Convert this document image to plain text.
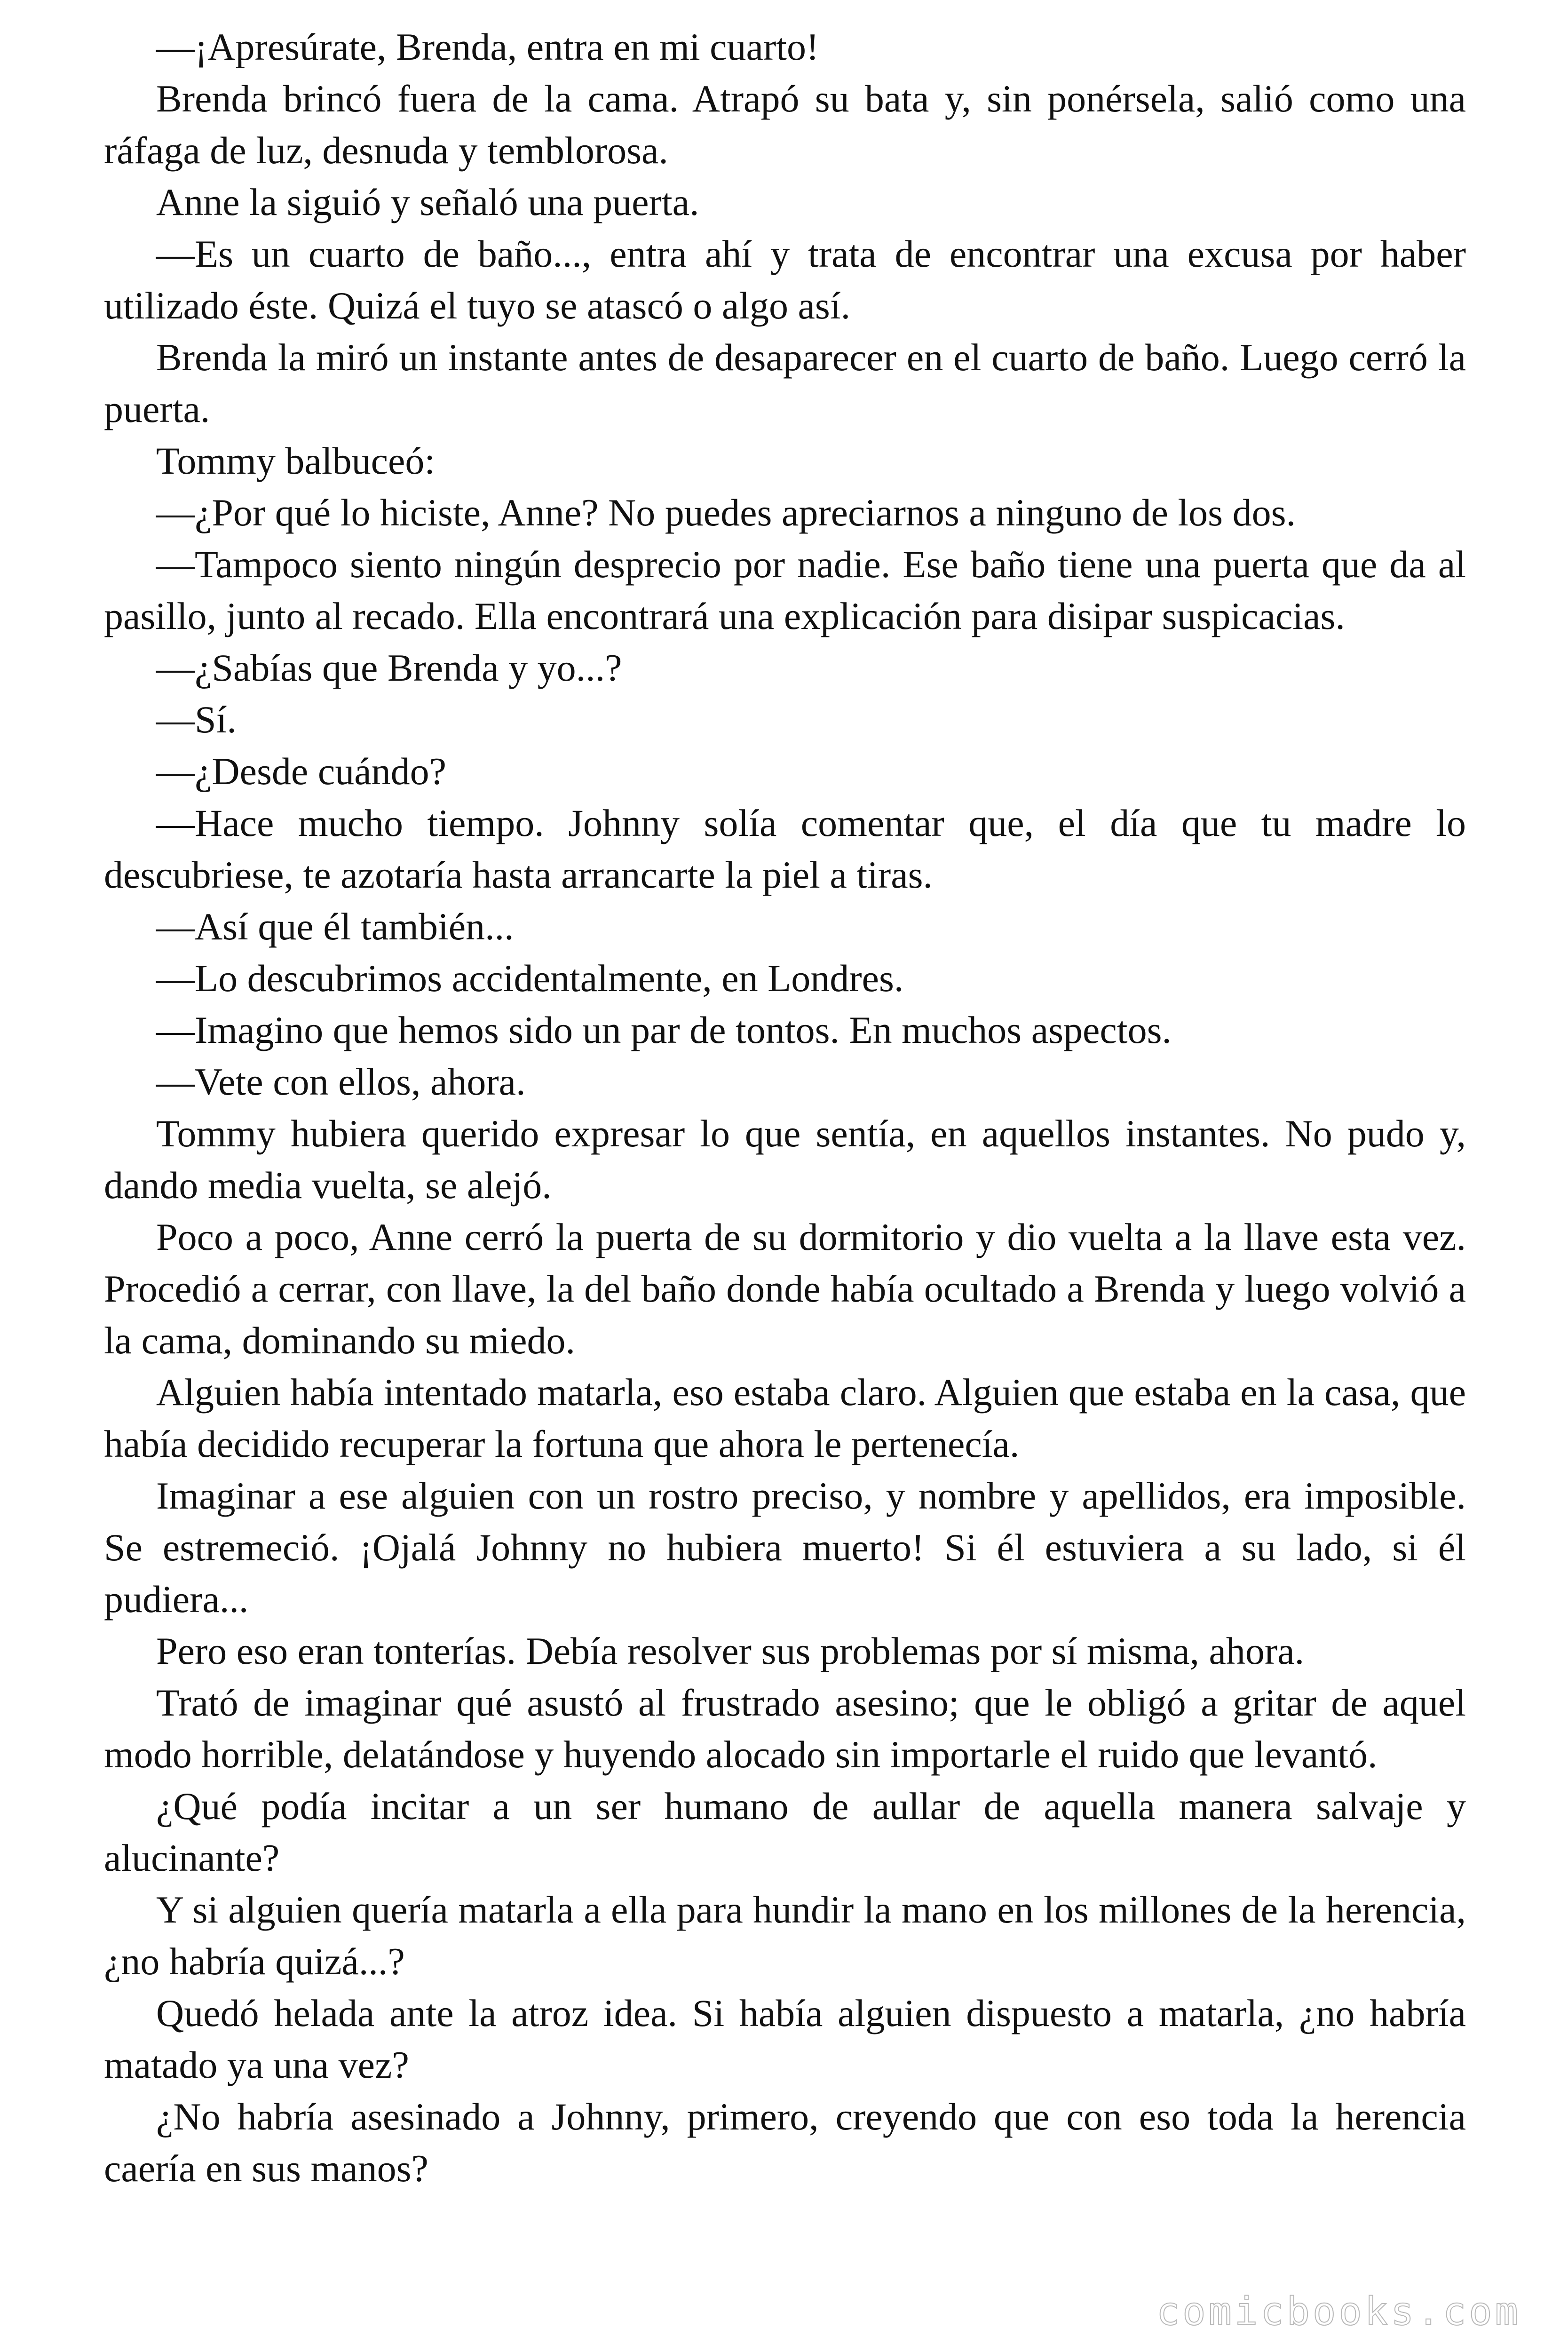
—¡Apresúrate, Brenda, entra en mi cuarto!

Brenda brincó fuera de la cama. Atrapó su bata y, sin ponérsela, salió como una ráfaga de luz, desnuda y temblorosa.

Anne la siguió y señaló una puerta.

—Es un cuarto de baño..., entra ahí y trata de encontrar una excusa por haber utilizado éste. Quizá el tuyo se atascó o algo así.

Brenda la miró un instante antes de desaparecer en el cuarto de baño. Luego cerró la puerta.

Tommy balbuceó:

—¿Por qué lo hiciste, Anne? No puedes apreciarnos a ninguno de los dos.

—Tampoco siento ningún desprecio por nadie. Ese baño tiene una puerta que da al pasillo, junto al recado. Ella encontrará una explicación para disipar suspicacias.

—¿Sabías que Brenda y yo...?

—Sí.

—¿Desde cuándo?

—Hace mucho tiempo. Johnny solía comentar que, el día que tu madre lo descubriese, te azotaría hasta arrancarte la piel a tiras.

—Así que él también...

—Lo descubrimos accidentalmente, en Londres.

—Imagino que hemos sido un par de tontos. En muchos aspectos.

—Vete con ellos, ahora.

Tommy hubiera querido expresar lo que sentía, en aquellos instantes. No pudo y, dando media vuelta, se alejó.

Poco a poco, Anne cerró la puerta de su dormitorio y dio vuelta a la llave esta vez. Procedió a cerrar, con llave, la del baño donde había ocultado a Brenda y luego volvió a la cama, dominando su miedo.

Alguien había intentado matarla, eso estaba claro. Alguien que estaba en la casa, que había decidido recuperar la fortuna que ahora le pertenecía.

Imaginar a ese alguien con un rostro preciso, y nombre y apellidos, era imposible. Se estremeció. ¡Ojalá Johnny no hubiera muerto! Si él estuviera a su lado, si él pudiera...

Pero eso eran tonterías. Debía resolver sus problemas por sí misma, ahora.

Trató de imaginar qué asustó al frustrado asesino; que le obligó a gritar de aquel modo horrible, delatándose y huyendo alocado sin importarle el ruido que levantó.

¿Qué podía incitar a un ser humano de aullar de aquella manera salvaje y alucinante?

Y si alguien quería matarla a ella para hundir la mano en los millones de la herencia, ¿no habría quizá...?

Quedó helada ante la atroz idea. Si había alguien dispuesto a matarla, ¿no habría matado ya una vez?

¿No habría asesinado a Johnny, primero, creyendo que con eso toda la herencia caería en sus manos?

comicbooks.com
